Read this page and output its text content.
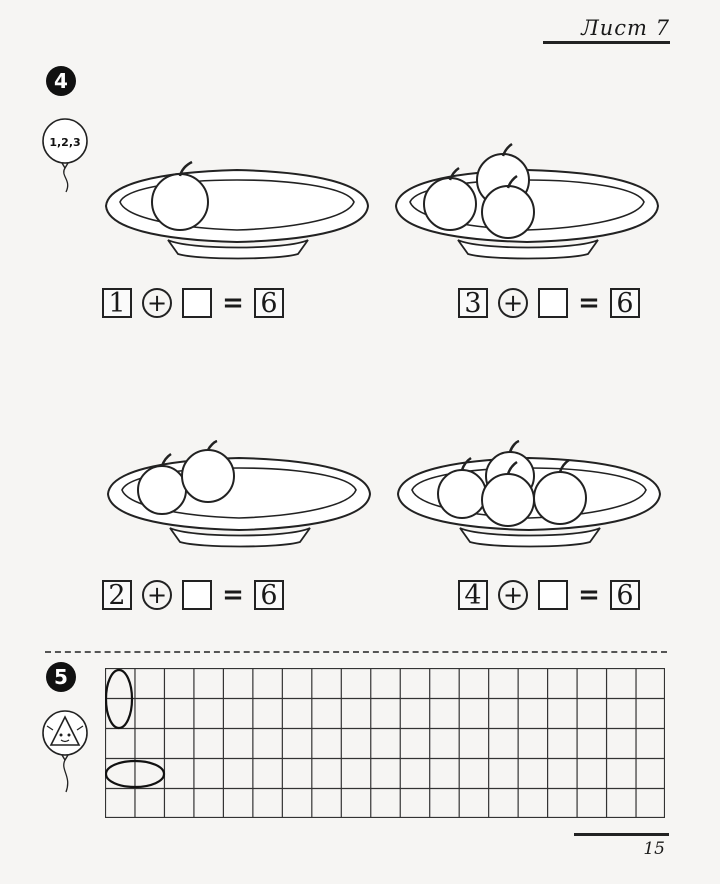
Лист 7
4
1,2,3
1 + = 6	3 + = 6
2 + = 6	4 + = 6
5
15
